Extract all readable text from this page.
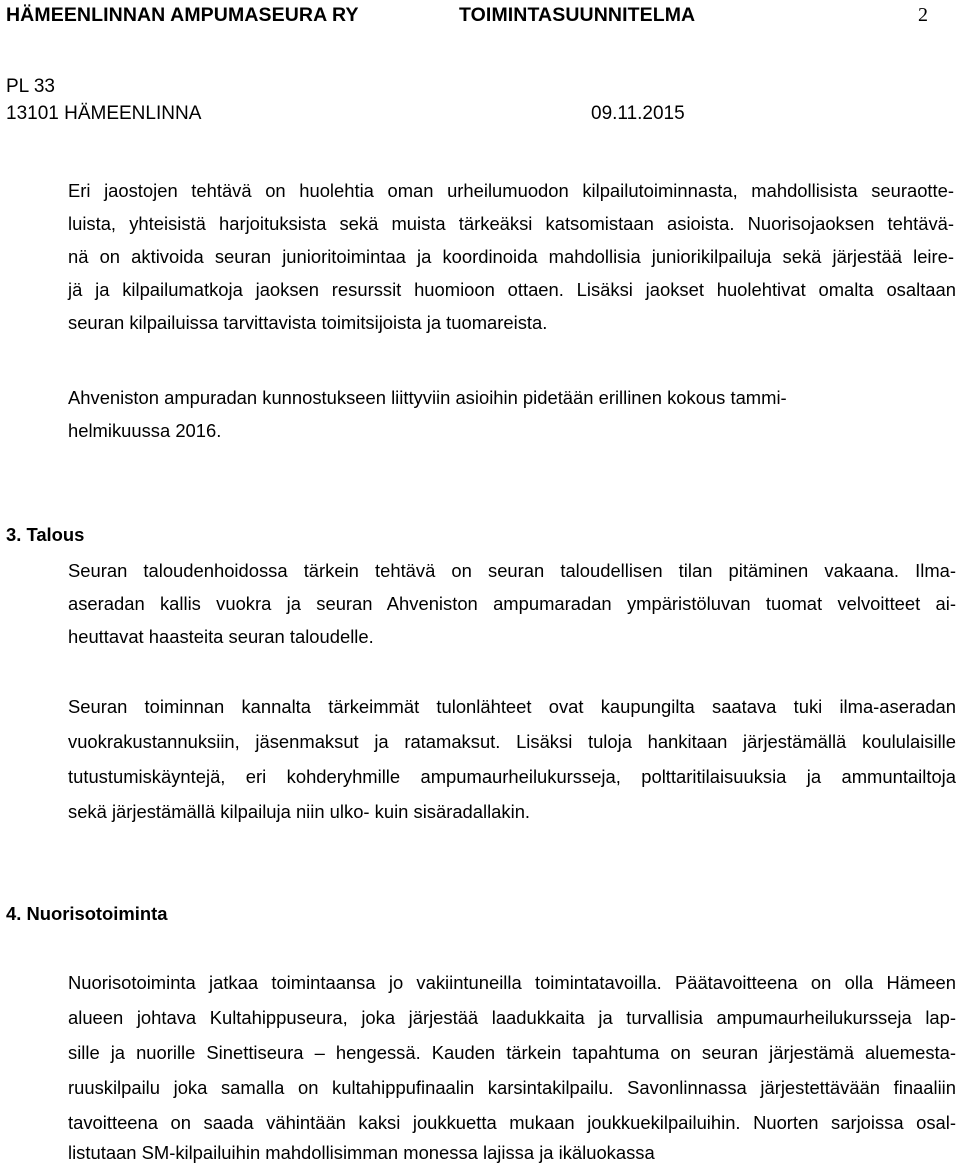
HÄMEENLINNAN AMPUMASEURA RY	TOIMINTASUUNNITELMA	2
PL 33
13101 HÄMEENLINNA	09.11.2015
Eri jaostojen tehtävä on huolehtia oman urheilumuodon kilpailutoiminnasta, mahdollisista seuraotte-
luista, yhteisistä harjoituksista sekä muista tärkeäksi katsomistaan asioista. Nuorisojaoksen tehtävä-
nä on aktivoida seuran junioritoimintaa ja koordinoida mahdollisia juniorikilpailuja sekä järjestää leire-
jä ja kilpailumatkoja jaoksen resurssit huomioon ottaen. Lisäksi jaokset huolehtivat omalta osaltaan
seuran kilpailuissa tarvittavista toimitsijoista ja tuomareista.
Ahveniston ampuradan kunnostukseen liittyviin asioihin pidetään erillinen kokous tammi-
helmikuussa 2016.
3. Talous
Seuran taloudenhoidossa tärkein tehtävä on seuran taloudellisen tilan pitäminen vakaana. Ilma-
aseradan kallis vuokra ja seuran Ahveniston ampumaradan ympäristöluvan tuomat velvoitteet ai-
heuttavat haasteita seuran taloudelle.
Seuran toiminnan kannalta tärkeimmät tulonlähteet ovat kaupungilta saatava tuki ilma-aseradan
vuokrakustannuksiin, jäsenmaksut ja ratamaksut. Lisäksi tuloja hankitaan järjestämällä koululaisille
tutustumiskäyntejä, eri kohderyhmille ampumaurheilukursseja, polttaritilaisuuksia ja ammuntailtoja
sekä järjestämällä kilpailuja niin ulko- kuin sisäradallakin.
4. Nuorisotoiminta
Nuorisotoiminta jatkaa toimintaansa jo vakiintuneilla toimintatavoilla. Päätavoitteena on olla Hämeen
alueen johtava Kultahippuseura, joka järjestää laadukkaita ja turvallisia ampumaurheilukursseja lap-
sille ja nuorille Sinettiseura – hengessä. Kauden tärkein tapahtuma on seuran järjestämä aluemesta-
ruuskilpailu joka samalla on kultahippufinaalin karsintakilpailu. Savonlinnassa järjestettävään finaaliin
tavoitteena on saada vähintään kaksi joukkuetta mukaan joukkuekilpailuihin. Nuorten sarjoissa osal-
listutaan SM-kilpailuihin mahdollisimman monessa lajissa ja ikäluokassa
